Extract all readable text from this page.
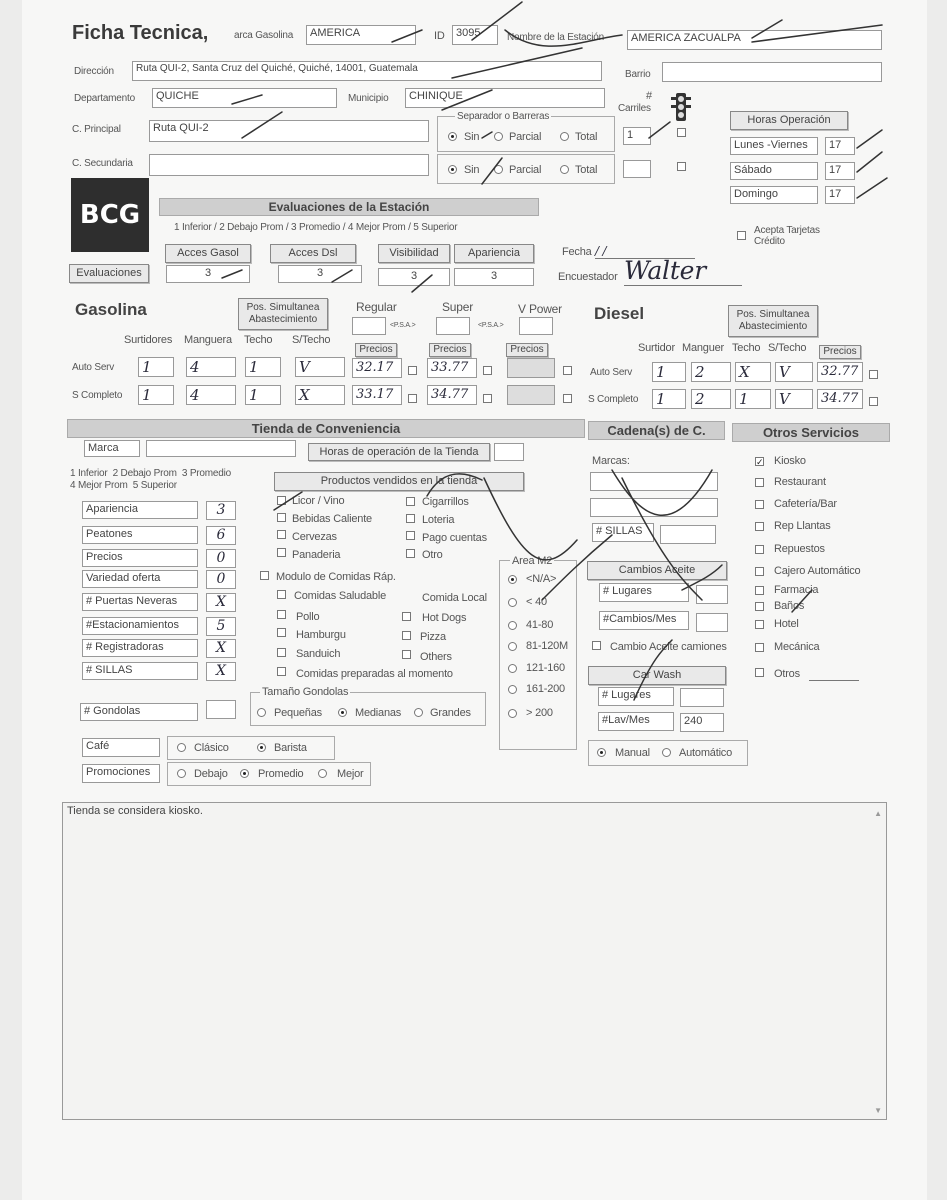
Ficha Tecnica,	arca Gasolina	AMERICA	ID	3095	Nombre de la Estación	AMERICA ZACUALPA
Dirección	Ruta QUI-2, Santa Cruz del Quiché, Quiché, 14001, Guatemala
Barrio
Departamento	QUICHE	Municipio	CHINIQUE
C. Principal	Ruta QUI-2
C. Secundaria
Separador o Barreras
Sin	Parcial	Total
Sin	Parcial	Total
#
Carriles
1
Horas Operación
Lunes -Viernes	17
Sábado	17
Domingo	17
BCG	Evaluaciones de la Estación
1 Inferior / 2 Debajo Prom / 3 Promedio / 4 Mejor Prom / 5 Superior	Acepta Tarjetas Crédito
Acces Gasol	Acces Dsl	Visibilidad	Apariencia
Evaluaciones	3	3	3	3
Fecha / /
Encuestador Walter
Gasolina	Pos. Simultanea Abastecimiento
Regular	Super	V Power
<P.S.A.>	<P.S.A.>
Surtidores Manguera Techo S/Techo
Precios	Precios	Precios
Auto Serv 1	4	1	V	32.17	33.77
S Completo 1	4	1	X	33.17	34.77
Diesel	Pos. Simultanea Abastecimiento
Surtidor Manguer Techo S/Techo	Precios
Auto Serv 1	2	X	V	32.77
S Completo 1	2	1	V	34.77
Tienda de Conveniencia	Cadena(s) de C.	Otros Servicios
Marca	Horas de operación de la Tienda
1 Inferior  2 Debajo Prom  3 Promedio
4 Mejor Prom  5 Superior	Productos vendidos en la tienda
Apariencia	3
Peatones	6
Precios	0
Variedad oferta	0
# Puertas Neveras	X
#Estacionamientos	5
# Registradoras	X
# SILLAS	X
# Gondolas
Licor / Vino
Bebidas Caliente
Cervezas
Panaderia
Cigarrillos
Loteria
Pago cuentas
Otro
Modulo de Comidas Ráp.
Comidas Saludable
Pollo
Hamburgu
Sanduich
Comida Local
Hot Dogs
Pizza
Others
Comidas preparadas al momento
Tamaño Gondolas
Pequeñas	Medianas	Grandes
Area M2
<N/A>
< 40
41-80
81-120M
121-160
161-200
> 200
Café	Clásico	Barista
Promociones	Debajo	Promedio	Mejor
Marcas:
# SILLAS
Cambios Aceite
# Lugares
#Cambios/Mes
Cambio Aceite camiones
Car Wash
# Lugares
#Lav/Mes	240
Manual	Automático
✓ Kiosko
Restaurant
Cafetería/Bar
Rep Llantas
Repuestos
Cajero Automático
Farmacia
Baños
Hotel
Mecánica
Otros
Tienda se considera kiosko.	▲
▼
